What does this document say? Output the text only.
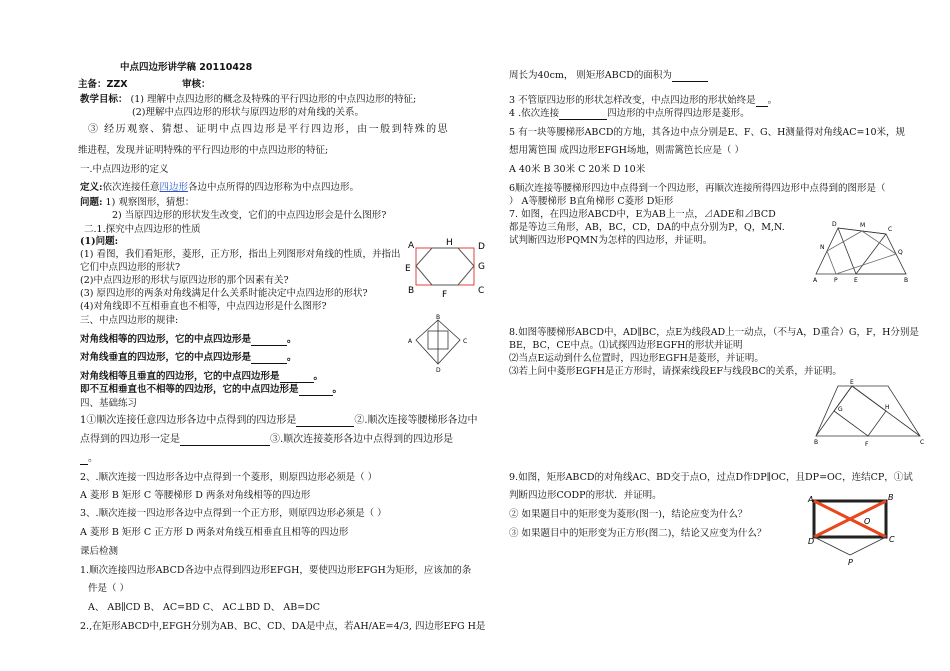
中点四边形讲学稿 20110428
主备：ZZX	审核：
教学目标： (1) 理解中点四边形的概念及特殊的平行四边形的中点四边形的特征;
(2)理解中点四边形的形状与原四边形的对角线的关系。
③ 经历观察、猜想、证明中点四边形是平行四边形，由一般到特殊的思
维进程，发现并证明特殊的平行四边形的中点四边形的特征;
一.中点四边形的定义
定义:依次连接任意四边形各边中点所得的四边形称为中点四边形。
问题: 1) 观察图形，猜想：
2) 当原四边形的形状发生改变，它们的中点四边形会是什么图形?
二.1.探究中点四边形的性质
(1)问题:
(1) 看图，我们看矩形，菱形，正方形，指出上列图形对角线的性质，并指出
它们中点四边形的形状?
(2)中点四边形的形状与原四边形的那个因素有关?
(3) 原四边形的两条对角线满足什么关系时能决定中点四边形的形状?
(4)对角线即不互相垂直也不相等，中点四边形是什么图形?
三、中点四边形的规律:
对角线相等的四边形，它的中点四边形是	。
对角线垂直的四边形，它的中点四边形是	。
对角线相等且垂直的四边形，它的中点四边形是	。
即不互相垂直也不相等的四边形，它的中点四边形是	。
四、基础练习
1①顺次连接任意四边形各边中点得到的四边形是	②.顺次连接等腰梯形各边中
点得到的四边形一定是	③.顺次连接菱形各边中点得到的四边形是
。
2、.顺次连接一四边形各边中点得到一个菱形，则原四边形必须是（ ）
A 菱形 B 矩形 C 等腰梯形 D 两条对角线相等的四边形
3、.顺次连接一四边形各边中点得到一个正方形，则原四边形必须是（ ）
A 菱形 B 矩形 C 正方形 D 两条对角线互相垂直且相等的四边形
课后检测
1.顺次连接四边形ABCD各边中点得到四边形EFGH，要使四边形EFGH为矩形，应该加的条
件是（ ）
A、 AB∥CD B、 AC=BD C、 AC⊥BD D、 AB=DC
2.,在矩形ABCD中,EFGH分别为AB、BC、CD、DA是中点，若AH/AE=4/3, 四边形EFG H是
A	H	D
E	G
B	F	C
A
B
C
D
周长为40cm， 则矩形ABCD的面积为
3 不管原四边形的形状怎样改变，中点四边形的形状始终是 。
4 .依次连接	四边形的中点所得四边形是菱形。
5 有一块等腰梯形ABCD的方地，其各边中点分别是E、F、G、H测量得对角线AC=10米，规
想用篱笆围 成四边形EFGH场地，则需篱笆长应是（ ）
A 40米 B 30米 C 20米 D 10米
6顺次连接等腰梯形四边中点得到一个四边形，再顺次连接所得四边形中点得到的图形是（
） A等腰梯形 B直角梯形 C菱形 D矩形
7. 如图，在四边形ABCD中，E为AB上一点，⊿ADE和⊿BCD
都是等边三角形，AB，BC，CD，DA的中点分别为P，Q，M,N.
试判断四边形PQMN为怎样的四边形，并证明。
8.如图等腰梯形ABCD中，AD∥BC，点E为线段AD上一动点，（不与A，D重合）G，F，H分别是
BE，BC，CE中点。⑴试探四边形EGFH的形状并证明
⑵当点E运动到什么位置时，四边形EGFH是菱形，并证明。
⑶若上问中菱形EGFH是正方形时，请探索线段EF与线段BC的关系，并证明。
9.如图，矩形ABCD的对角线AC、BD交于点O，过点D作DP∥OC，且DP=OC，连结CP，①试
判断四边形CODP的形状．并证明。
② 如果题目中的矩形变为菱形(图一)，结论应变为什么？
③ 如果题目中的矩形变为正方形(图二)，结论又应变为什么？
D	M
C
N
Q
A	P	E	B
E
G	H
B	F	C
A	B
O
D	C
P
